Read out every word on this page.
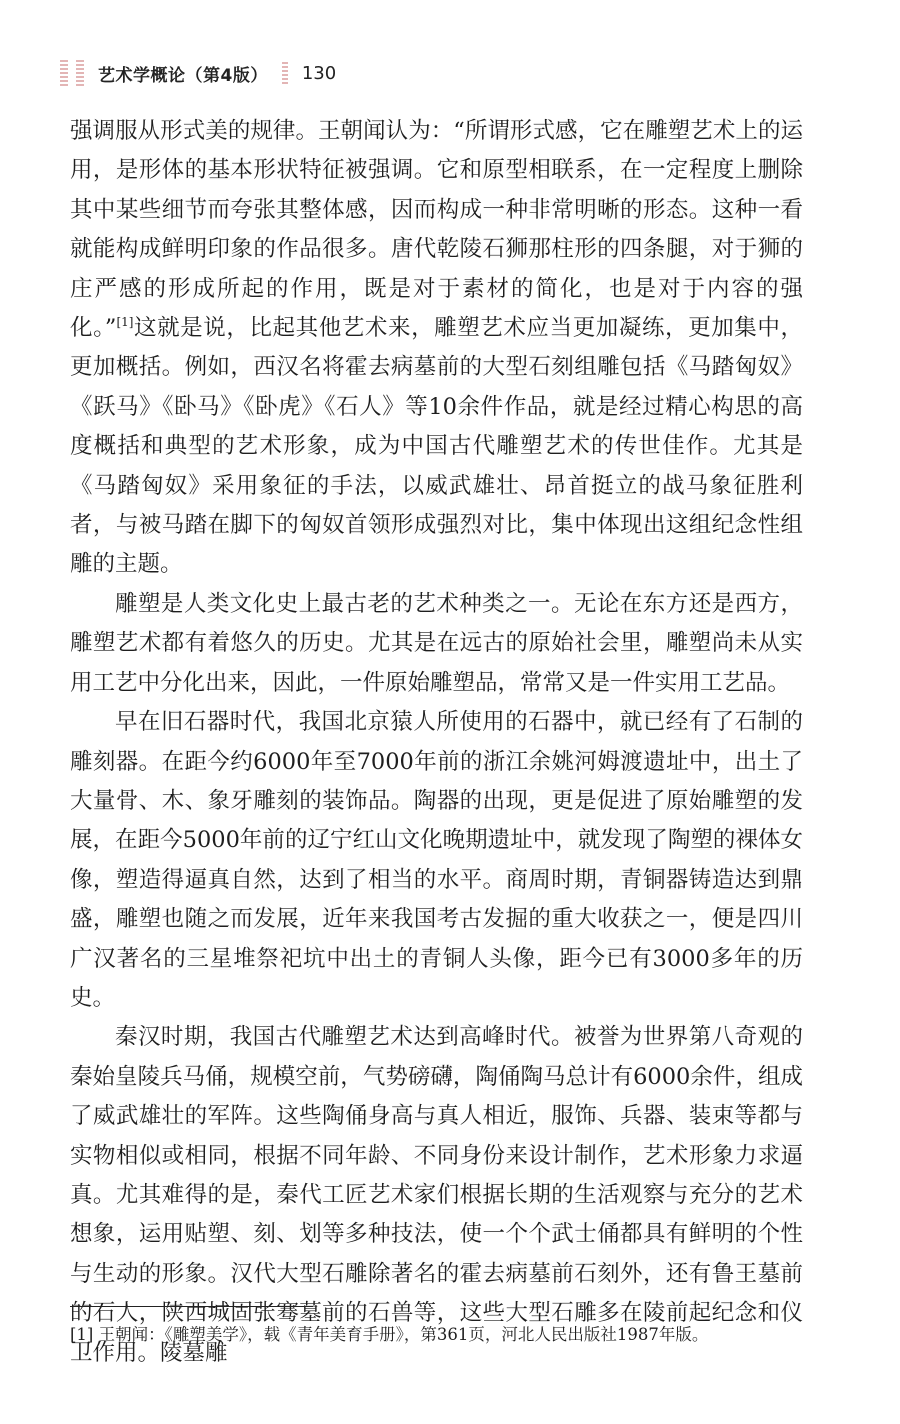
艺术学概论（第4版） 130

强调服从形式美的规律。王朝闻认为：“所谓形式感，它在雕塑艺术上的运用，是形体的基本形状特征被强调。它和原型相联系，在一定程度上删除其中某些细节而夸张其整体感，因而构成一种非常明晰的形态。这种一看就能构成鲜明印象的作品很多。唐代乾陵石狮那柱形的四条腿，对于狮的庄严感的形成所起的作用，既是对于素材的简化，也是对于内容的强化。”[1]这就是说，比起其他艺术来，雕塑艺术应当更加凝练，更加集中，更加概括。例如，西汉名将霍去病墓前的大型石刻组雕包括《马踏匈奴》《跃马》《卧马》《卧虎》《石人》等10余件作品，就是经过精心构思的高度概括和典型的艺术形象，成为中国古代雕塑艺术的传世佳作。尤其是《马踏匈奴》采用象征的手法，以威武雄壮、昂首挺立的战马象征胜利者，与被马踏在脚下的匈奴首领形成强烈对比，集中体现出这组纪念性组雕的主题。

雕塑是人类文化史上最古老的艺术种类之一。无论在东方还是西方，雕塑艺术都有着悠久的历史。尤其是在远古的原始社会里，雕塑尚未从实用工艺中分化出来，因此，一件原始雕塑品，常常又是一件实用工艺品。

早在旧石器时代，我国北京猿人所使用的石器中，就已经有了石制的雕刻器。在距今约6000年至7000年前的浙江余姚河姆渡遗址中，出土了大量骨、木、象牙雕刻的装饰品。陶器的出现，更是促进了原始雕塑的发展，在距今5000年前的辽宁红山文化晚期遗址中，就发现了陶塑的裸体女像，塑造得逼真自然，达到了相当的水平。商周时期，青铜器铸造达到鼎盛，雕塑也随之而发展，近年来我国考古发掘的重大收获之一，便是四川广汉著名的三星堆祭祀坑中出土的青铜人头像，距今已有3000多年的历史。

秦汉时期，我国古代雕塑艺术达到高峰时代。被誉为世界第八奇观的秦始皇陵兵马俑，规模空前，气势磅礴，陶俑陶马总计有6000余件，组成了威武雄壮的军阵。这些陶俑身高与真人相近，服饰、兵器、装束等都与实物相似或相同，根据不同年龄、不同身份来设计制作，艺术形象力求逼真。尤其难得的是，秦代工匠艺术家们根据长期的生活观察与充分的艺术想象，运用贴塑、刻、划等多种技法，使一个个武士俑都具有鲜明的个性与生动的形象。汉代大型石雕除著名的霍去病墓前石刻外，还有鲁王墓前的石人，陕西城固张骞墓前的石兽等，这些大型石雕多在陵前起纪念和仪卫作用。陵墓雕

[1] 王朝闻：《雕塑美学》，载《青年美育手册》，第361页，河北人民出版社1987年版。
